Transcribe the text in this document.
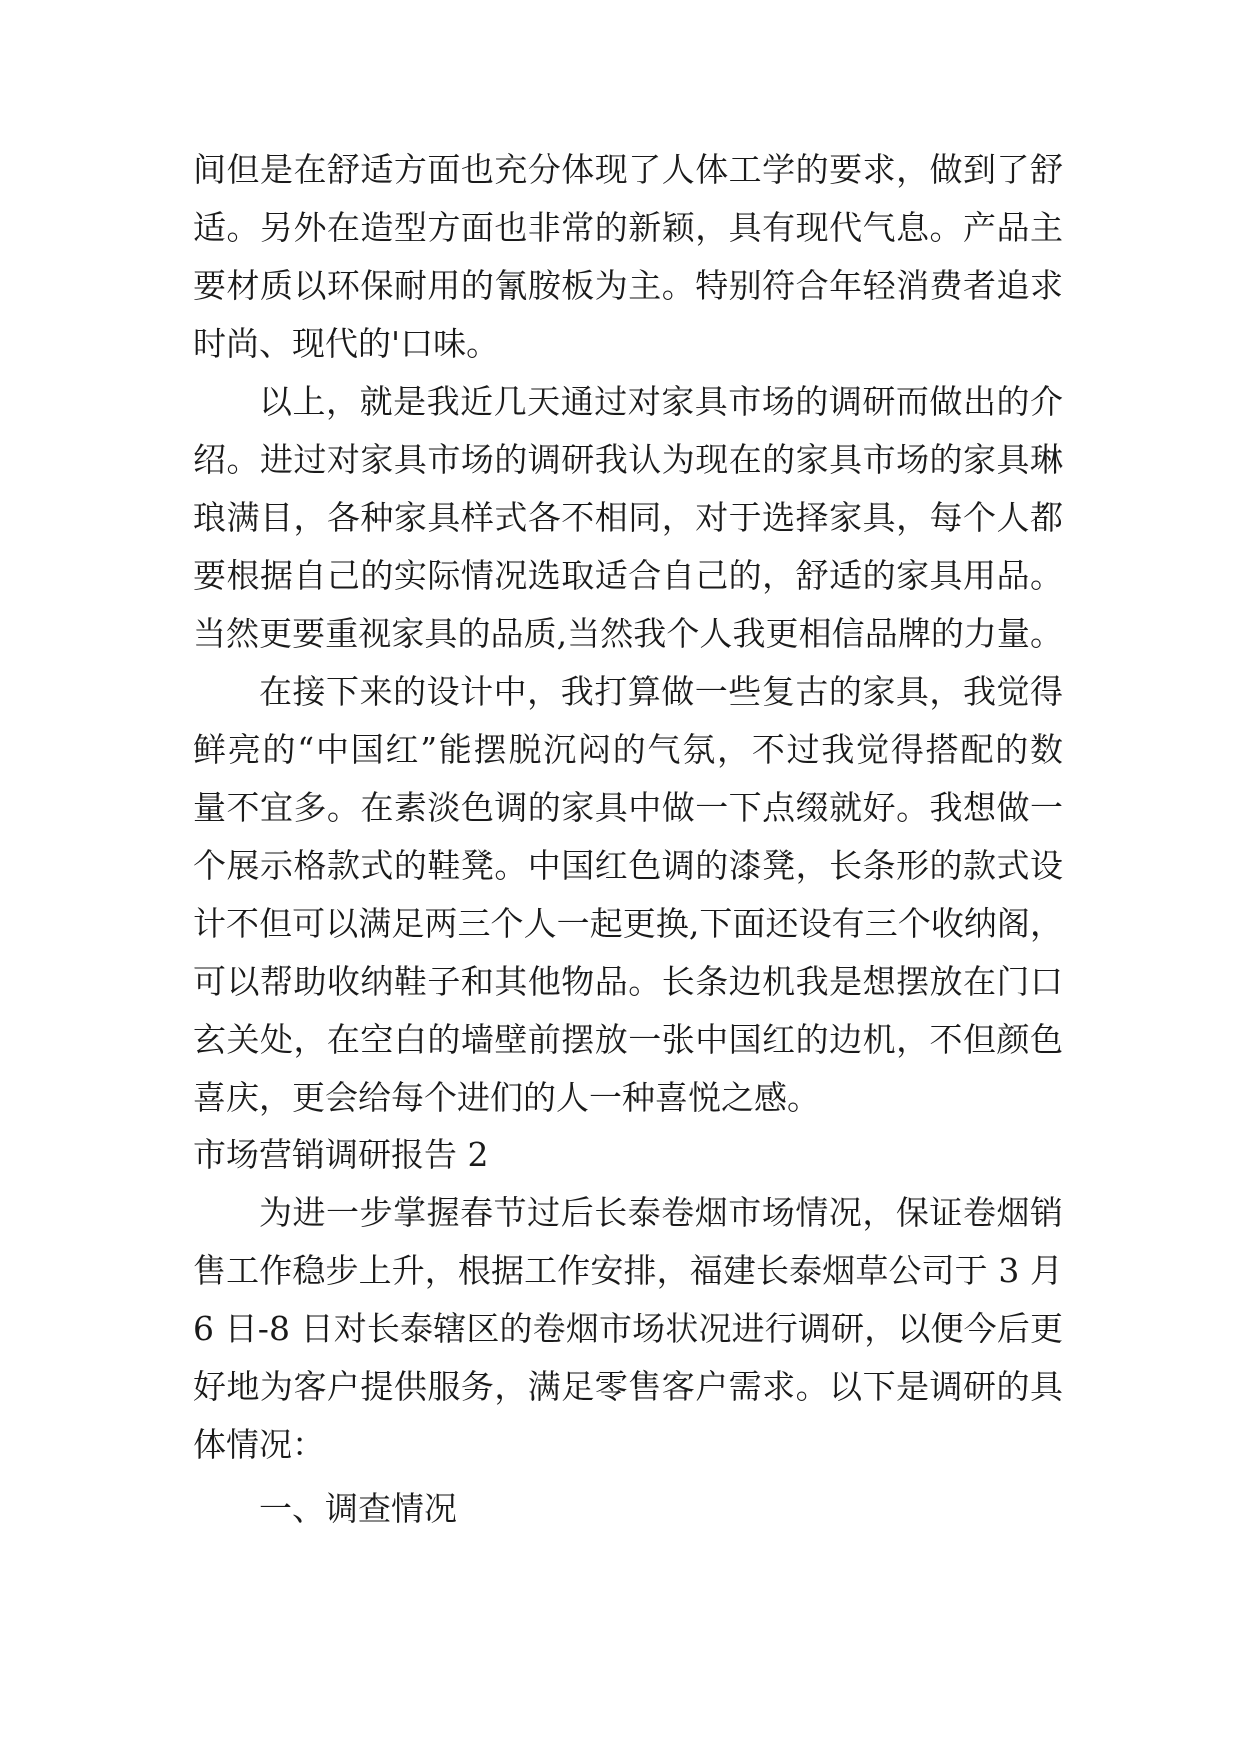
间但是在舒适方面也充分体现了人体工学的要求，做到了舒
适。另外在造型方面也非常的新颖，具有现代气息。产品主
要材质以环保耐用的氰胺板为主。特别符合年轻消费者追求
时尚、现代的'口味。
以上，就是我近几天通过对家具市场的调研而做出的介
绍。进过对家具市场的调研我认为现在的家具市场的家具琳
琅满目，各种家具样式各不相同，对于选择家具，每个人都
要根据自己的实际情况选取适合自己的，舒适的家具用品。
当然更要重视家具的品质,当然我个人我更相信品牌的力量。
在接下来的设计中，我打算做一些复古的家具，我觉得
鲜亮的“中国红”能摆脱沉闷的气氛，不过我觉得搭配的数
量不宜多。在素淡色调的家具中做一下点缀就好。我想做一
个展示格款式的鞋凳。中国红色调的漆凳，长条形的款式设
计不但可以满足两三个人一起更换,下面还设有三个收纳阁，
可以帮助收纳鞋子和其他物品。长条边机我是想摆放在门口
玄关处，在空白的墙壁前摆放一张中国红的边机，不但颜色
喜庆，更会给每个进们的人一种喜悦之感。
市场营销调研报告 2
为进一步掌握春节过后长泰卷烟市场情况，保证卷烟销
售工作稳步上升，根据工作安排，福建长泰烟草公司于 3 月
6 日-8 日对长泰辖区的卷烟市场状况进行调研，以便今后更
好地为客户提供服务，满足零售客户需求。以下是调研的具
体情况：
一、调查情况
